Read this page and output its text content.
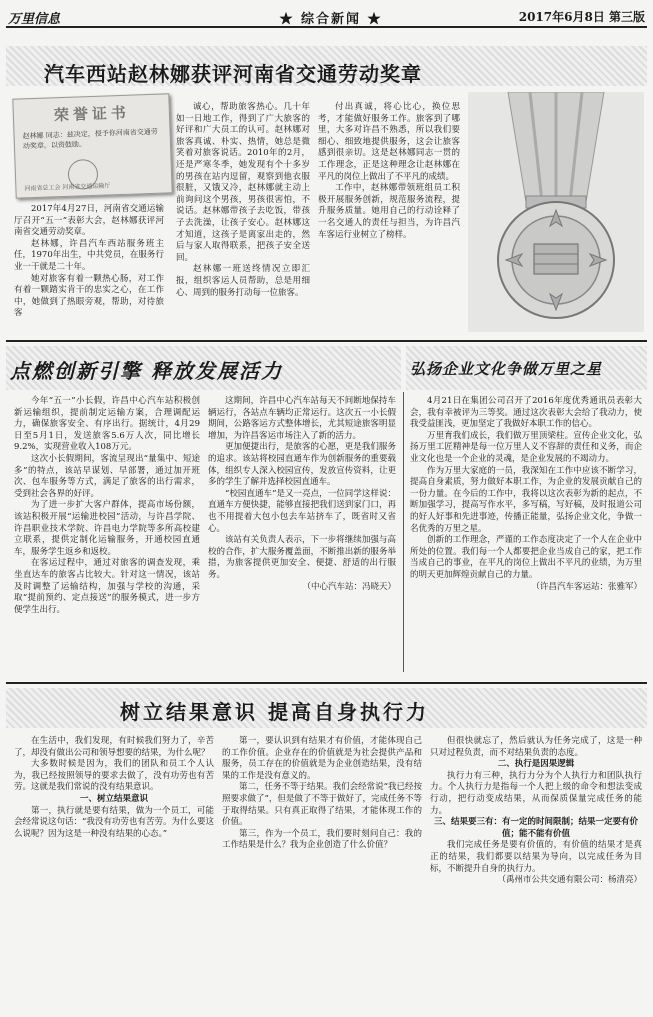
万里信息	★ 综合新闻 ★	2017年6月8日 第三版
汽车西站赵林娜获评河南省交通劳动奖章
荣誉证书
赵林娜 同志：兹决定，授予你河南省交通劳动奖章。以资鼓励。
河南省总工会 河南省交通运输厅

2017年4月27日，河南省交通运输厅召开“五一”表彰大会，赵林娜获评河南省交通劳动奖章。

赵林娜，许昌汽车西站服务班主任，1970年出生，中共党员，在服务行业一干就是二十年。

她对旅客有着一颗热心肠，对工作有着一颗踏实肯干的忠实之心，在工作中，她做到了热眼旁观，帮助，对待旅客

诚心，帮助旅客热心。几十年如一日地工作，得到了广大旅客的好评和广大员工的认可。赵林娜对旅客真诚、朴实、热情，她总是微笑着对旅客说话。2010年的2月，还是严寒冬季，她发现有个十多岁的男孩在站内逗留，观察到他衣服很脏，又饿又冷，赵林娜就主动上前询问这个男孩，男孩很害怕，不说话。赵林娜带孩子去吃饭，带孩子去洗澡，让孩子安心。赵林娜这才知道，这孩子是离家出走的，然后与家人取得联系，把孩子安全送回。

赵林娜一班送终情况立即汇报，组织客运人员帮助，总是用细心、周到的服务打动每一位旅客。

付出真诚，将心比心，换位思考，才能做好服务工作。旅客到了哪里，大多对许昌不熟悉，所以我们要细心、细致地提供服务，这会让旅客感到很亲切。这是赵林娜同志一贯的工作理念，正是这种理念让赵林娜在平凡的岗位上做出了不平凡的成绩。

工作中，赵林娜带领班组员工积极开展服务创新，规范服务流程，提升服务质量。她用自己的行动诠释了一名交通人的责任与担当，为许昌汽车客运行业树立了榜样。

点燃创新引擎 释放发展活力	弘扬企业文化争做万里之星

今年“五一”小长假，许昌中心汽车站积极创新运输组织，提前制定运输方案，合理调配运力，确保旅客安全、有序出行。据统计，4月29日至5月1日，发送旅客5.6万人次，同比增长9.2%，实现营业收入108万元。

这次小长假期间，客流呈现出“量集中、短途多”的特点，该站早谋划、早部署，通过加开班次、包车服务等方式，满足了旅客的出行需求，受到社会各界的好评。

为了进一步扩大客户群体，提高市场份额，该站积极开展“运输进校园”活动，与许昌学院、许昌职业技术学院、许昌电力学院等多所高校建立联系，提供定制化运输服务，开通校园直通车，服务学生返乡和返校。

在客运过程中，通过对旅客的调查发现，乘坐直达车的旅客占比较大。针对这一情况，该站及时调整了运输结构，加强与学校的沟通，采取“提前预约、定点接送”的服务模式，进一步方便学生出行。

这期间，许昌中心汽车站每天不间断地保持车辆运行，各站点车辆均正常运行。这次五一小长假期间，公路客运方式整体增长，尤其短途旅客明显增加，为许昌客运市场注入了新的活力。

更加便捷出行，是旅客的心愿，更是我们服务的追求。该站将校园直通车作为创新服务的重要载体，组织专人深入校园宣传，发放宣传资料，让更多的学生了解并选择校园直通车。

“校园直通车”是又一亮点，一位同学这样说：直通车方便快捷，能够直接把我们送到家门口，再也不用提着大包小包去车站挤车了，既省时又省心。

该站有关负责人表示，下一步将继续加强与高校的合作，扩大服务覆盖面，不断推出新的服务举措，为旅客提供更加安全、便捷、舒适的出行服务。

（中心汽车站：冯晓天）

4月21日在集团公司召开了2016年度优秀通讯员表彰大会，我有幸被评为三等奖。通过这次表彰大会给了我动力，使我受益匪浅，更加坚定了我做好本职工作的信心。

万里育我们成长，我们做万里顶梁柱。宣传企业文化，弘扬万里工匠精神是每一位万里人义不容辞的责任和义务，而企业文化也是一个企业的灵魂，是企业发展的不竭动力。

作为万里大家庭的一员，我深知在工作中应该不断学习，提高自身素质，努力做好本职工作，为企业的发展贡献自己的一份力量。在今后的工作中，我将以这次表彰为新的起点，不断加强学习，提高写作水平，多写稿，写好稿，及时报道公司的好人好事和先进事迹，传播正能量，弘扬企业文化，争做一名优秀的万里之星。

创新的工作理念，严谨的工作态度决定了一个人在企业中所处的位置。我们每一个人都要把企业当成自己的家，把工作当成自己的事业，在平凡的岗位上做出不平凡的业绩，为万里的明天更加辉煌贡献自己的力量。

（许昌汽车客运站：张雅军）

树立结果意识 提高自身执行力

在生活中，我们发现，有时候我们努力了，辛苦了，却没有做出公司和领导想要的结果，为什么呢？

大多数时候是因为，我们的团队和员工个人认为，我已经按照领导的要求去做了，没有功劳也有苦劳。这就是我们常说的没有结果意识。

一、树立结果意识

第一，执行就是要有结果，做为一个员工，可能会经常说这句话：“我没有功劳也有苦劳。为什么要这么说呢？因为这是一种没有结果的心态。”

第一，要认识到有结果才有价值，才能体现自己的工作价值。企业存在的价值就是为社会提供产品和服务，员工存在的价值就是为企业创造结果，没有结果的工作是没有意义的。

第二，任务不等于结果。我们会经常说“我已经按照要求做了”，但是做了不等于做好了，完成任务不等于取得结果。只有真正取得了结果，才能体现工作的价值。

第三，作为一个员工，我们要时刻问自己：我的工作结果是什么？我为企业创造了什么价值？

但很快就忘了，然后就认为任务完成了，这是一种只对过程负责，而不对结果负责的态度。

二、执行是因果逻辑

执行力有三种，执行力分为个人执行力和团队执行力。个人执行力是指每一个人把上级的命令和想法变成行动，把行动变成结果，从而保质保量完成任务的能力。

三、结果要三有：有一定的时间限制；结果一定要有价值；能不能有价值

我们完成任务是要有价值的，有价值的结果才是真正的结果，我们都要以结果为导向，以完成任务为目标，不断提升自身的执行力。

（禹州市公共交通有限公司：杨清亮）
